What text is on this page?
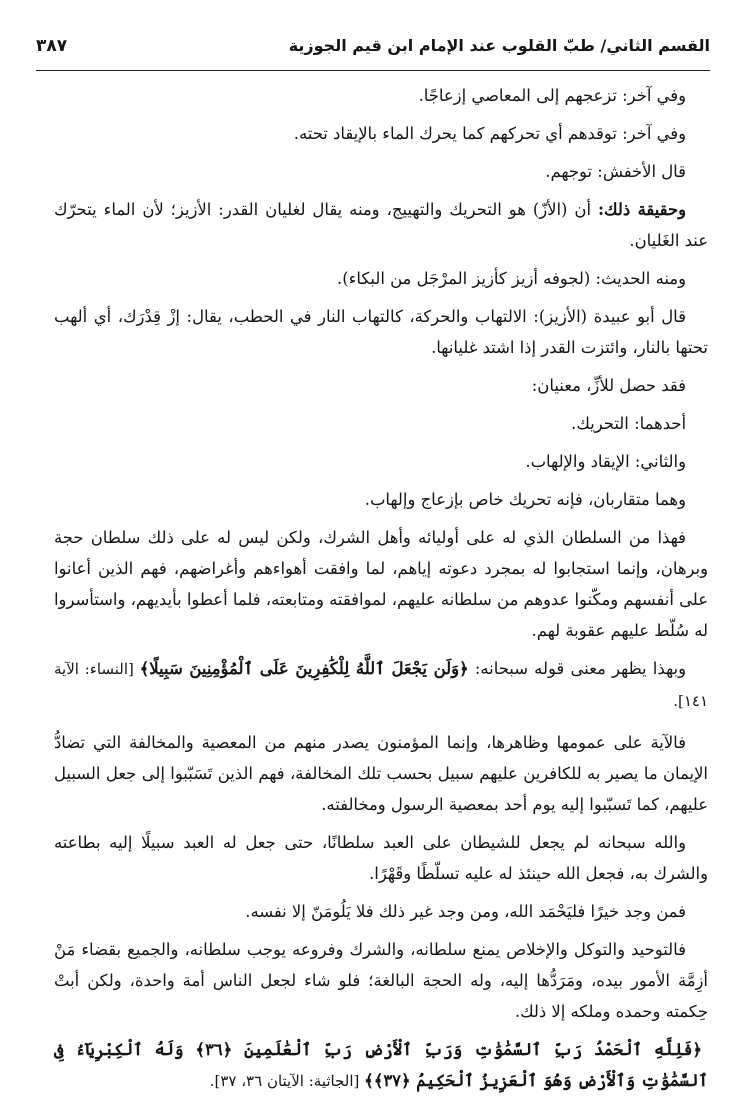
القسم الثاني/ طبّ القلوب عند الإمام ابن قيم الجوزية
٣٨٧

وفي آخر: تزعجهم إلى المعاصي إزعاجًا.

وفي آخر: توقدهم أي تحركهم كما يحرك الماء بالإيقاد تحته.

قال الأخفش: توجهم.

وحقيقة ذلك: أن (الأزّ) هو التحريك والتهييج، ومنه يقال لغليان القدر: الأزيز؛ لأن الماء يتحرّك عند الغَليان.

ومنه الحديث: (لجوفه أزيز كأزيز المرْجَل من البكاء).

قال أبو عبيدة (الأزيز): الالتهاب والحركة، كالتهاب النار في الحطب، يقال: إزْ قِدْرَك، أي ألهب تحتها بالنار، وائتزت القدر إذا اشتد غليانها.

فقد حصل للأزِّ، معنيان:

أحدهما: التحريك.

والثاني: الإيقاد والإلهاب.

وهما متقاربان، فإنه تحريك خاص بإزعاج وإلهاب.

فهذا من السلطان الذي له على أوليائه وأهل الشرك، ولكن ليس له على ذلك سلطان حجة وبرهان، وإنما استجابوا له بمجرد دعوته إياهم، لما وافقت أهواءهم وأغراضهم، فهم الذين أعانوا على أنفسهم ومكّنوا عدوهم من سلطانه عليهم، لموافقته ومتابعته، فلما أعطوا بأيديهم، واستأسروا له سُلّط عليهم عقوبة لهم.

وبهذا يظهر معنى قوله سبحانه: ﴿وَلَن يَجْعَلَ ٱللَّهُ لِلْكَٰفِرِينَ عَلَى ٱلْمُؤْمِنِينَ سَبِيلًا﴾ [النساء: الآية ١٤١].

فالآية على عمومها وظاهرها، وإنما المؤمنون يصدر منهم من المعصية والمخالفة التي تضادُّ الإيمان ما يصير به للكافرين عليهم سبيل بحسب تلك المخالفة، فهم الذين تَسَبّبوا إلى جعل السبيل عليهم، كما تَسبّبوا إليه يوم أحد بمعصية الرسول ومخالفته.

والله سبحانه لم يجعل للشيطان على العبد سلطانًا، حتى جعل له العبد سبيلًا إليه بطاعته والشرك به، فجعل الله حينئذ له عليه تسلّطًا وقَهْرًا.

فمن وجد خيرًا فليَحْمَد الله، ومن وجد غير ذلك فلا يَلُومَنّ إلا نفسه.

فالتوحيد والتوكل والإخلاص يمنع سلطانه، والشرك وفروعه يوجب سلطانه، والجميع بقضاء مَنْ أزِمَّة الأمور بيده، ومَرَدُّها إليه، وله الحجة البالغة؛ فلو شاء لجعل الناس أمة واحدة، ولكن أبتْ حِكمته وحمده وملكه إلا ذلك.

﴿فَلِلَّهِ ٱلْحَمْدُ رَبِّ ٱلسَّمَٰوَٰتِ وَرَبِّ ٱلْأَرْضِ رَبِّ ٱلْعَٰلَمِينَ ﴿٣٦﴾ وَلَهُ ٱلْكِبْرِيَآءُ فِى ٱلسَّمَٰوَٰتِ وَٱلْأَرْضِ وَهُوَ ٱلْعَزِيزُ ٱلْحَكِيمُ ﴿٣٧﴾﴾ [الجاثية: الآيتان ٣٦، ٣٧].
